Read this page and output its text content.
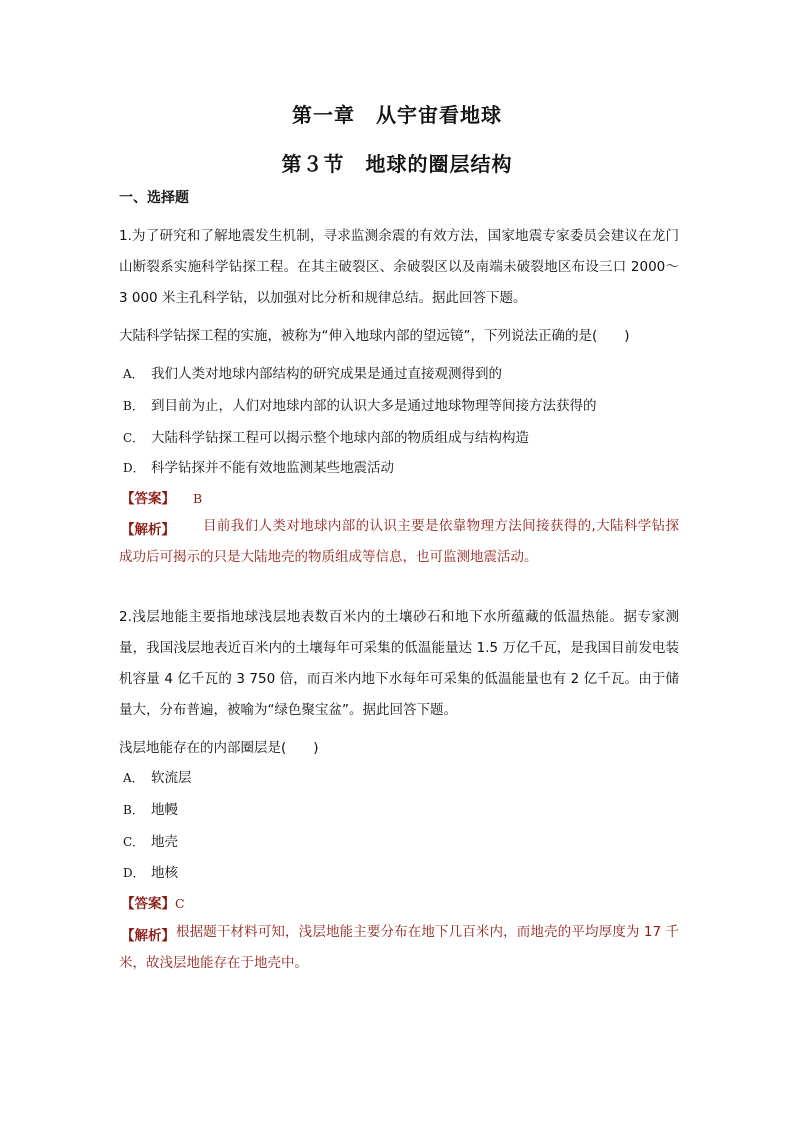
第一章　从宇宙看地球
第３节　地球的圈层结构
一、选择题
1.为了研究和了解地震发生机制，寻求监测余震的有效方法，国家地震专家委员会建议在龙门山断裂系实施科学钻探工程。在其主破裂区、余破裂区以及南端未破裂地区布设三口 2000～3 000 米主孔科学钻，以加强对比分析和规律总结。据此回答下题。
大陆科学钻探工程的实施，被称为“伸入地球内部的望远镜”，下列说法正确的是(　　)
A． 我们人类对地球内部结构的研究成果是通过直接观测得到的
B． 到目前为止，人们对地球内部的认识大多是通过地球物理等间接方法获得的
C． 大陆科学钻探工程可以揭示整个地球内部的物质组成与结构构造
D． 科学钻探并不能有效地监测某些地震活动
【答案】 B
【解析】	目前我们人类对地球内部的认识主要是依靠物理方法间接获得的,大陆科学钻探成功后可揭示的只是大陆地壳的物质组成等信息，也可监测地震活动。
2.浅层地能主要指地球浅层地表数百米内的土壤砂石和地下水所蕴藏的低温热能。据专家测量，我国浅层地表近百米内的土壤每年可采集的低温能量达 1.5 万亿千瓦，是我国目前发电装机容量 4 亿千瓦的 3 750 倍，而百米内地下水每年可采集的低温能量也有 2 亿千瓦。由于储量大，分布普遍，被喻为“绿色聚宝盆”。据此回答下题。
浅层地能存在的内部圈层是(　　)
A． 软流层
B． 地幔
C． 地壳
D． 地核
【答案】C
【解析】 根据题干材料可知，浅层地能主要分布在地下几百米内，而地壳的平均厚度为 17 千米，故浅层地能存在于地壳中。
